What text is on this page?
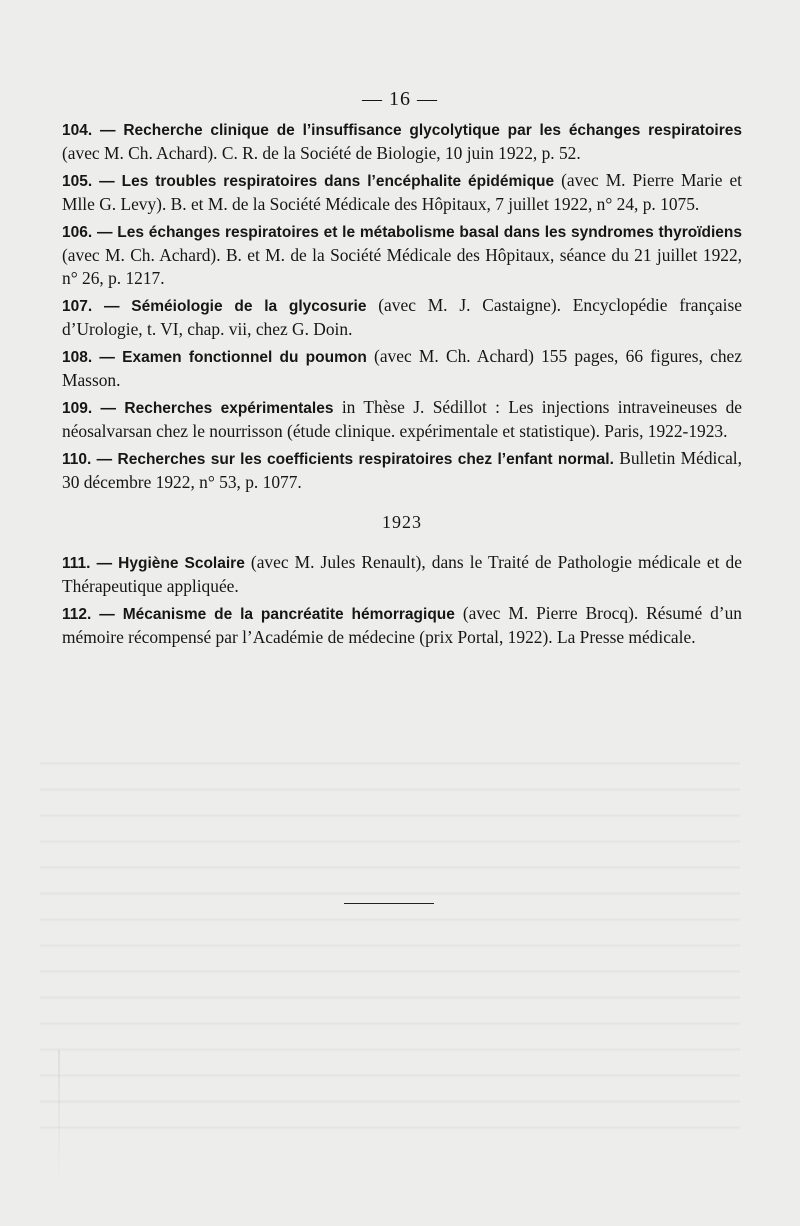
— 16 —
104. — Recherche clinique de l’insuffisance glycolytique par les échanges respiratoires (avec M. Ch. Achard). C. R. de la Société de Biologie, 10 juin 1922, p. 52.
105. — Les troubles respiratoires dans l’encéphalite épidémique (avec M. Pierre Marie et Mlle G. Levy). B. et M. de la Société Médicale des Hôpitaux, 7 juillet 1922, n° 24, p. 1075.
106. — Les échanges respiratoires et le métabolisme basal dans les syndromes thyroïdiens (avec M. Ch. Achard). B. et M. de la Société Médicale des Hôpitaux, séance du 21 juillet 1922, n° 26, p. 1217.
107. — Séméiologie de la glycosurie (avec M. J. Castaigne). Encyclopédie française d’Urologie, t. VI, chap. vii, chez G. Doin.
108. — Examen fonctionnel du poumon (avec M. Ch. Achard) 155 pages, 66 figures, chez Masson.
109. — Recherches expérimentales in Thèse J. Sédillot : Les injections intraveineuses de néosalvarsan chez le nourrisson (étude clinique. expérimentale et statistique). Paris, 1922-1923.
110. — Recherches sur les coefficients respiratoires chez l’enfant normal. Bulletin Médical, 30 décembre 1922, n° 53, p. 1077.
1923
111. — Hygiène Scolaire (avec M. Jules Renault), dans le Traité de Pathologie médicale et de Thérapeutique appliquée.
112. — Mécanisme de la pancréatite hémorragique (avec M. Pierre Brocq). Résumé d’un mémoire récompensé par l’Académie de médecine (prix Portal, 1922). La Presse médicale.
